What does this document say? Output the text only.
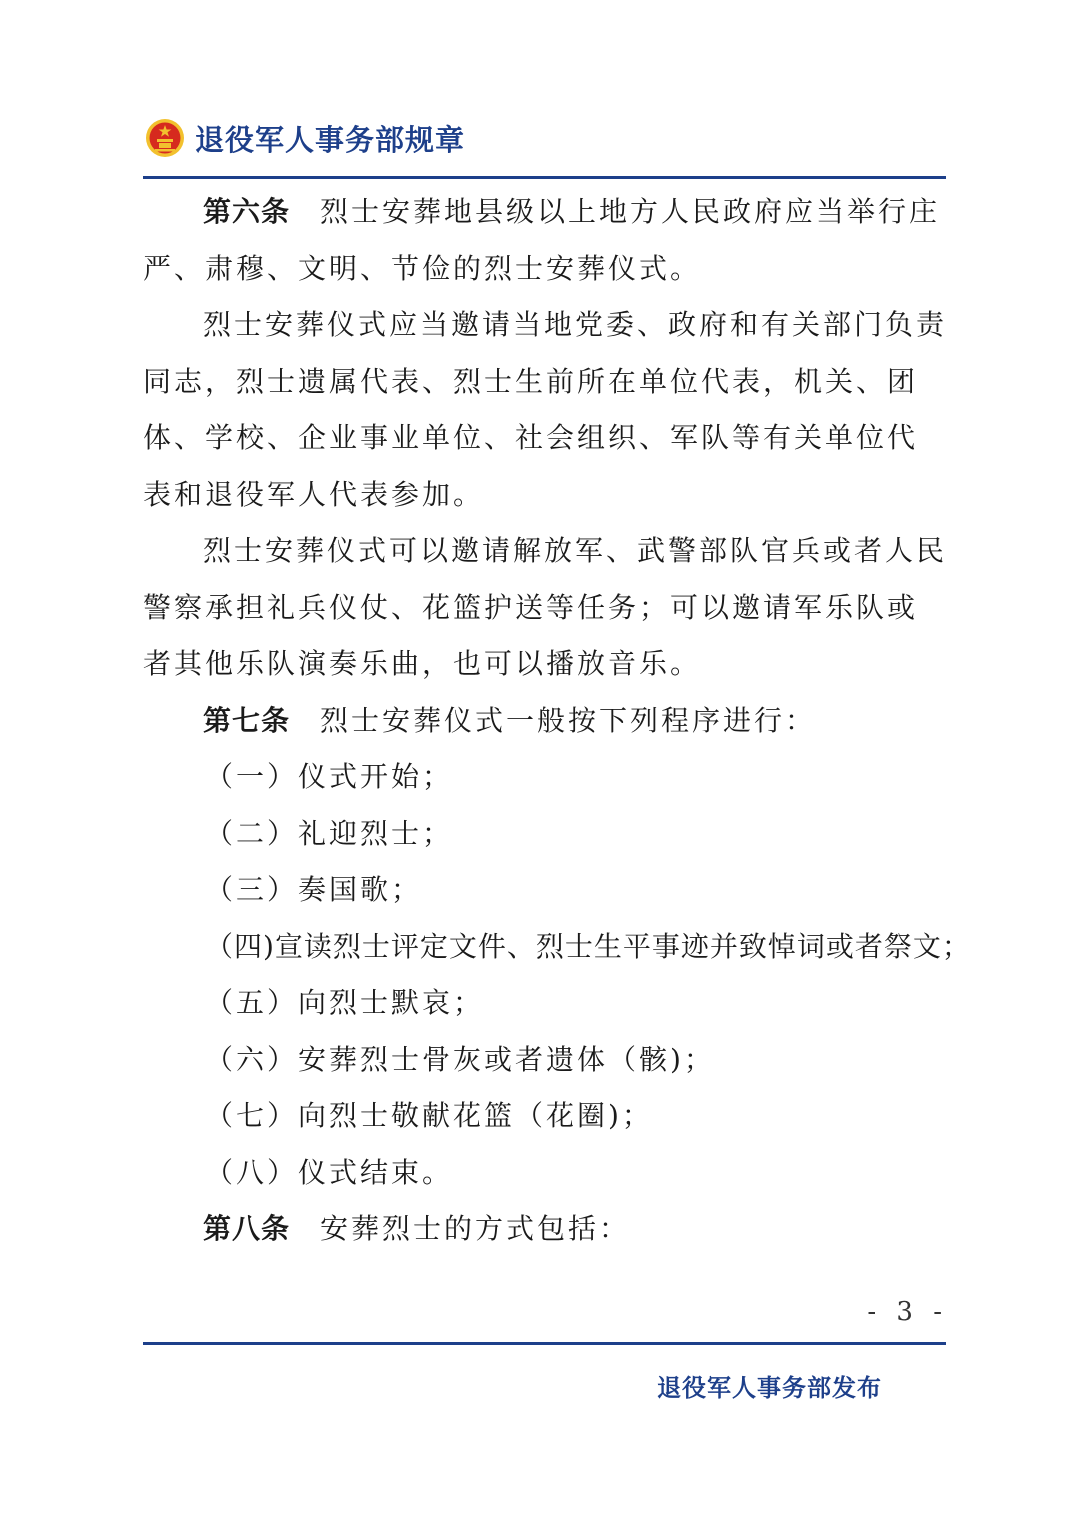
退役军人事务部规章

第六条 烈士安葬地县级以上地方人民政府应当举行庄严、肃穆、文明、节俭的烈士安葬仪式。

烈士安葬仪式应当邀请当地党委、政府和有关部门负责同志，烈士遗属代表、烈士生前所在单位代表，机关、团体、学校、企业事业单位、社会组织、军队等有关单位代表和退役军人代表参加。

烈士安葬仪式可以邀请解放军、武警部队官兵或者人民警察承担礼兵仪仗、花篮护送等任务；可以邀请军乐队或者其他乐队演奏乐曲，也可以播放音乐。

第七条 烈士安葬仪式一般按下列程序进行：

（一）仪式开始；

（二）礼迎烈士；

（三）奏国歌；

（四)宣读烈士评定文件、烈士生平事迹并致悼词或者祭文；

（五）向烈士默哀；

（六）安葬烈士骨灰或者遗体（骸)；

（七）向烈士敬献花篮（花圈)；

（八）仪式结束。

第八条 安葬烈士的方式包括：

- 3 -
退役军人事务部发布
